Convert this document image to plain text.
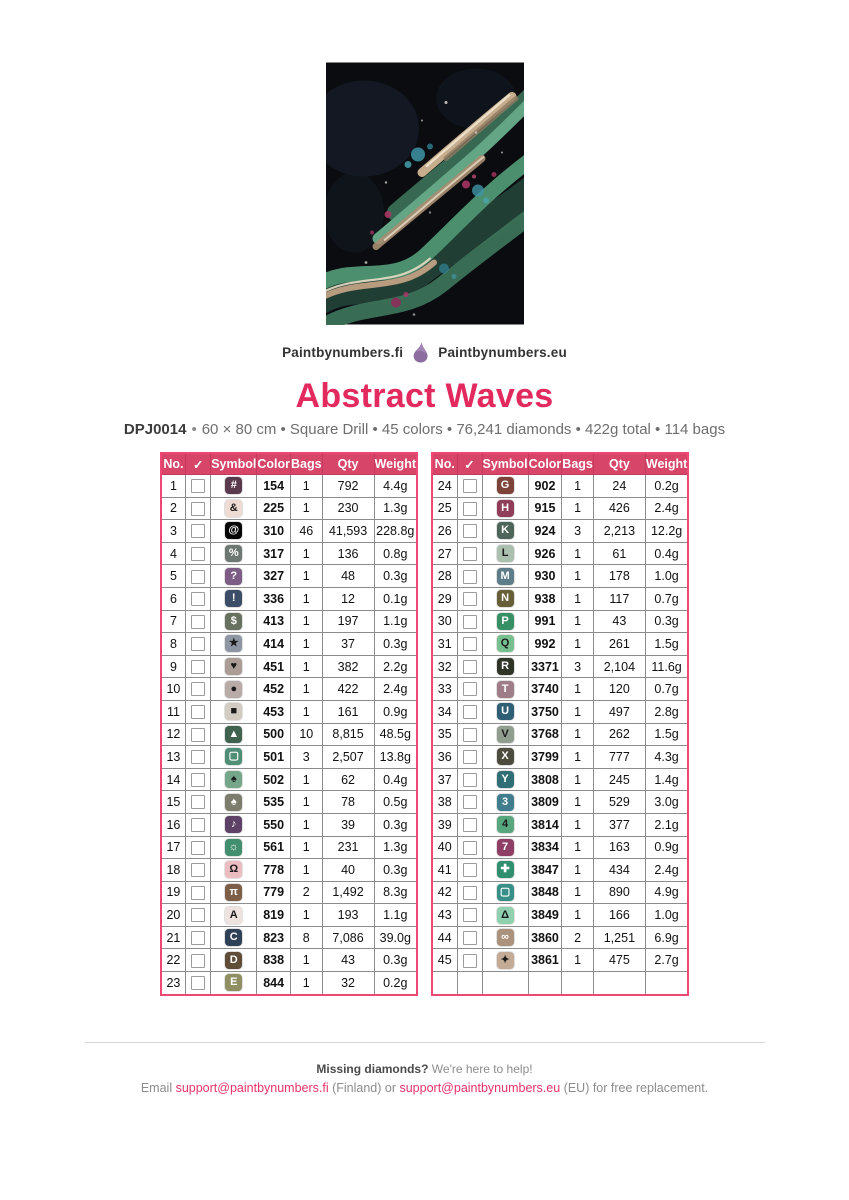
Paintbynumbers.fi	Paintbynumbers.eu
Abstract Waves
DPJ0014 • 60 × 80 cm • Square Drill • 45 colors • 76,241 diamonds • 422g total • 114 bags
No.	✓	Symbol	Color	Bags	Qty	Weight
1		#	154	1	792	4.4g
2		&	225	1	230	1.3g
3		@	310	46	41,593	228.8g
4		%	317	1	136	0.8g
5		?	327	1	48	0.3g
6		!	336	1	12	0.1g
7		$	413	1	197	1.1g
8		★	414	1	37	0.3g
9		♥	451	1	382	2.2g
10		●	452	1	422	2.4g
11		■	453	1	161	0.9g
12		▲	500	10	8,815	48.5g
13		▢	501	3	2,507	13.8g
14		♠	502	1	62	0.4g
15		♠	535	1	78	0.5g
16		♪	550	1	39	0.3g
17		☼	561	1	231	1.3g
18		Ω	778	1	40	0.3g
19		π	779	2	1,492	8.3g
20		A	819	1	193	1.1g
21		C	823	8	7,086	39.0g
22		D	838	1	43	0.3g
23		E	844	1	32	0.2g
No.	✓	Symbol	Color	Bags	Qty	Weight
24		G	902	1	24	0.2g
25		H	915	1	426	2.4g
26		K	924	3	2,213	12.2g
27		L	926	1	61	0.4g
28		M	930	1	178	1.0g
29		N	938	1	117	0.7g
30		P	991	1	43	0.3g
31		Q	992	1	261	1.5g
32		R	3371	3	2,104	11.6g
33		T	3740	1	120	0.7g
34		U	3750	1	497	2.8g
35		V	3768	1	262	1.5g
36		X	3799	1	777	4.3g
37		Y	3808	1	245	1.4g
38		3	3809	1	529	3.0g
39		4	3814	1	377	2.1g
40		7	3834	1	163	0.9g
41		✚	3847	1	434	2.4g
42		▢	3848	1	890	4.9g
43		Δ	3849	1	166	1.0g
44		∞	3860	2	1,251	6.9g
45		✦	3861	1	475	2.7g

Missing diamonds? We're here to help!
Email support@paintbynumbers.fi (Finland) or support@paintbynumbers.eu (EU) for free replacement.
